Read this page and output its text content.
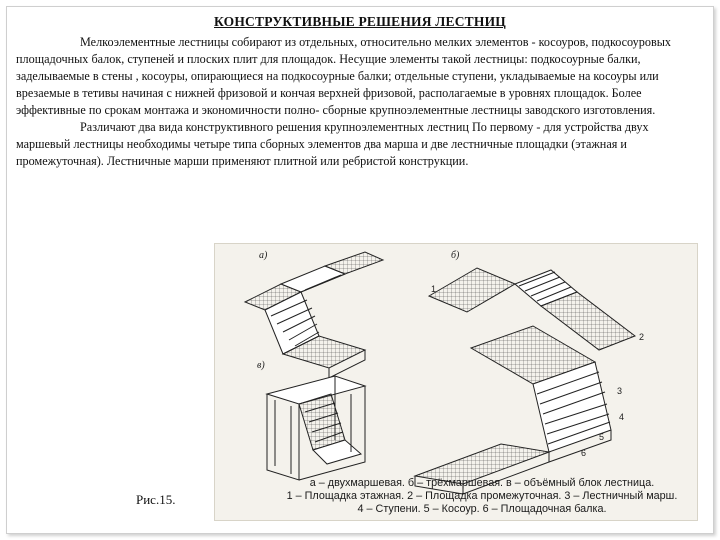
КОНСТРУКТИВНЫЕ РЕШЕНИЯ ЛЕСТНИЦ

Мелкоэлементные лестницы собирают из отдельных, относительно мелких элементов - косоуров, подкосоуровых площадочных балок, ступеней и плоских плит для площадок. Несущие элементы такой лестницы: подкосоурные балки, заделываемые в стены , косоуры, опирающиеся на подкосоурные балки; отдельные ступени, укладываемые на косоуры или врезаемые в тетивы начиная с нижней фризовой и кончая верхней фризовой, располагаемые в уровнях площадок. Более эффективные по срокам монтажа и экономичности полно- сборные крупноэлементные лестницы заводского изготовления.

Различают два вида конструктивного решения крупноэлементных лестниц По первому - для устройства двух маршевый лестницы необходимы четыре типа сборных элементов два марша и две лестничные площадки (этажная и промежуточная). Лестничные марши применяют плитной или ребристой конструкции.

а)
в)
б)
1
2
3
4
5
6
а – двухмаршевая. б – трёхмаршевая. в – объёмный блок лестница.
1 – Площадка этажная. 2 – Площадка промежуточная. 3 – Лестничный марш.
4 – Ступени. 5 – Косоур. 6 – Площадочная балка.
Рис.15.
